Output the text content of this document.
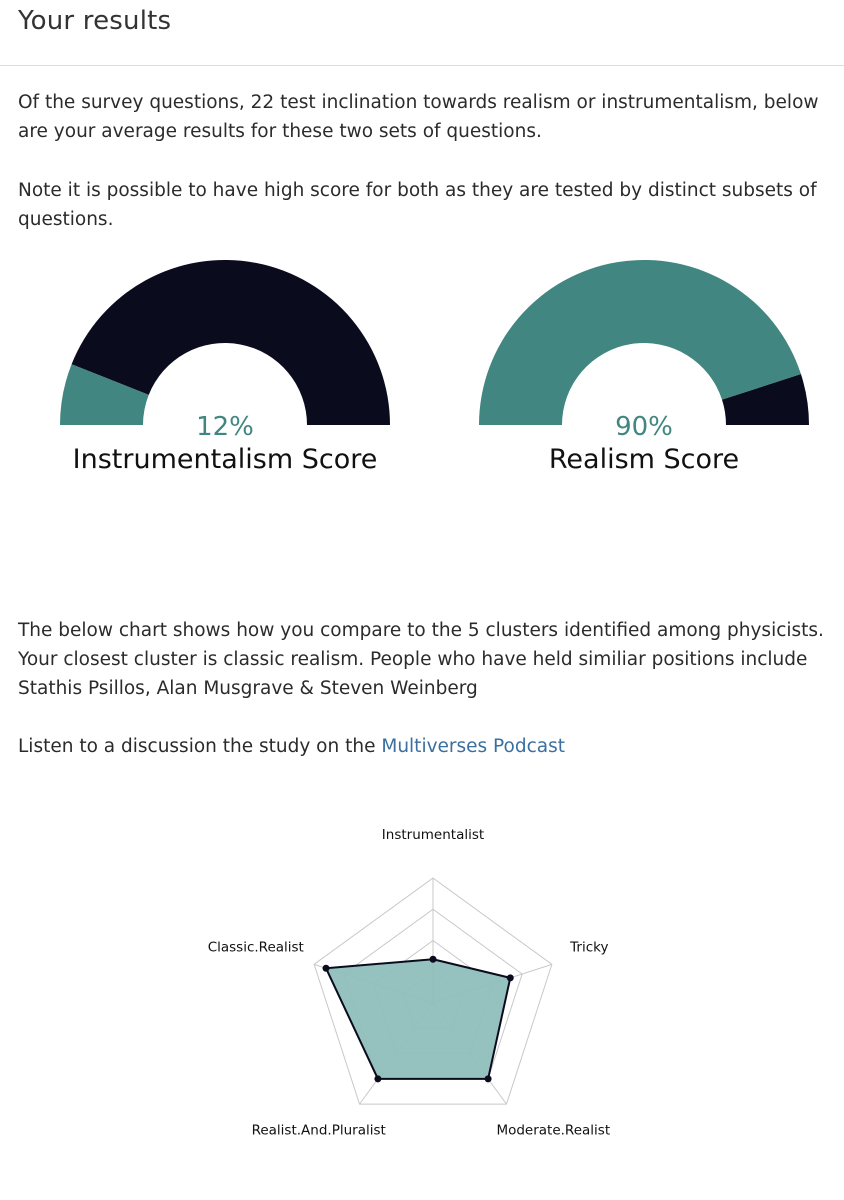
Your results

Of the survey questions, 22 test inclination towards realism or instrumentalism, below are your average results for these two sets of questions.

Note it is possible to have high score for both as they are tested by distinct subsets of questions.

12%
Instrumentalism Score
90%
Realism Score

The below chart shows how you compare to the 5 clusters identified among physicists. Your closest cluster is classic realism. People who have held similiar positions include Stathis Psillos, Alan Musgrave & Steven Weinberg

Listen to a discussion the study on the Multiverses Podcast

Instrumentalist
Tricky
Moderate.Realist
Realist.And.Pluralist
Classic.Realist
